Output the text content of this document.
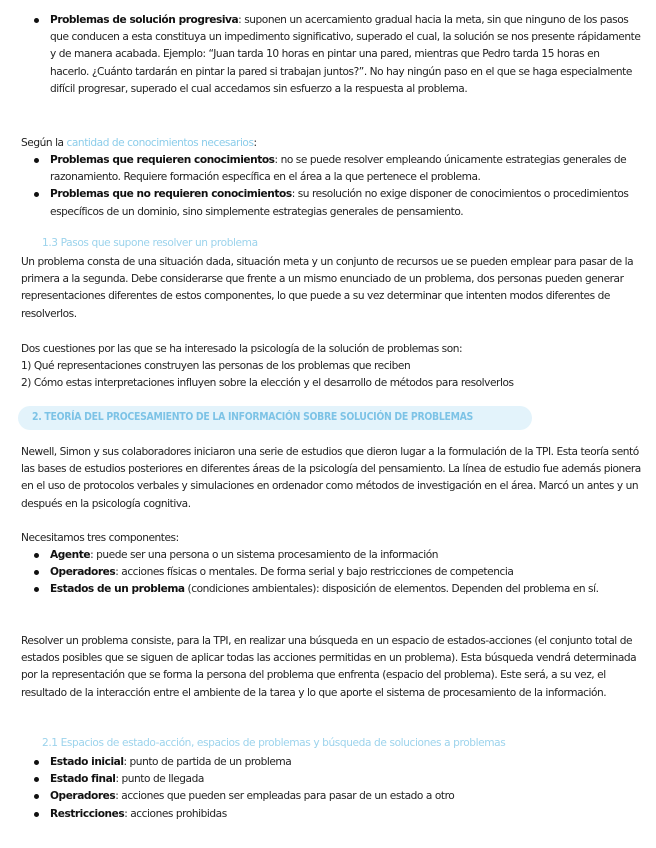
Problemas de solución progresiva: suponen un acercamiento gradual hacia la meta, sin que ninguno de los pasos que conducen a esta constituya un impedimento significativo, superado el cual, la solución se nos presente rápidamente y de manera acabada. Ejemplo: “Juan tarda 10 horas en pintar una pared, mientras que Pedro tarda 15 horas en hacerlo. ¿Cuánto tardarán en pintar la pared si trabajan juntos?”. No hay ningún paso en el que se haga especialmente difícil progresar, superado el cual accedamos sin esfuerzo a la respuesta al problema.
Según la cantidad de conocimientos necesarios:
Problemas que requieren conocimientos: no se puede resolver empleando únicamente estrategias generales de razonamiento. Requiere formación específica en el área a la que pertenece el problema.
Problemas que no requieren conocimientos: su resolución no exige disponer de conocimientos o procedimientos específicos de un dominio, sino simplemente estrategias generales de pensamiento.
1.3 Pasos que supone resolver un problema
Un problema consta de una situación dada, situación meta y un conjunto de recursos ue se pueden emplear para pasar de la primera a la segunda. Debe considerarse que frente a un mismo enunciado de un problema, dos personas pueden generar representaciones diferentes de estos componentes, lo que puede a su vez determinar que intenten modos diferentes de resolverlos.
Dos cuestiones por las que se ha interesado la psicología de la solución de problemas son:
1) Qué representaciones construyen las personas de los problemas que reciben
2) Cómo estas interpretaciones influyen sobre la elección y el desarrollo de métodos para resolverlos
2. TEORÍA DEL PROCESAMIENTO DE LA INFORMACIÓN SOBRE SOLUCIÓN DE PROBLEMAS
Newell, Simon y sus colaboradores iniciaron una serie de estudios que dieron lugar a la formulación de la TPI. Esta teoría sentó las bases de estudios posteriores en diferentes áreas de la psicología del pensamiento. La línea de estudio fue además pionera en el uso de protocolos verbales y simulaciones en ordenador como métodos de investigación en el área. Marcó un antes y un después en la psicología cognitiva.
Necesitamos tres componentes:
Agente: puede ser una persona o un sistema procesamiento de la información
Operadores: acciones físicas o mentales. De forma serial y bajo restricciones de competencia
Estados de un problema (condiciones ambientales): disposición de elementos. Dependen del problema en sí.
Resolver un problema consiste, para la TPI, en realizar una búsqueda en un espacio de estados-acciones (el conjunto total de estados posibles que se siguen de aplicar todas las acciones permitidas en un problema). Esta búsqueda vendrá determinada por la representación que se forma la persona del problema que enfrenta (espacio del problema). Este será, a su vez, el resultado de la interacción entre el ambiente de la tarea y lo que aporte el sistema de procesamiento de la información.
2.1 Espacios de estado-acción, espacios de problemas y búsqueda de soluciones a problemas
Estado inicial: punto de partida de un problema
Estado final: punto de llegada
Operadores: acciones que pueden ser empleadas para pasar de un estado a otro
Restricciones: acciones prohibidas
